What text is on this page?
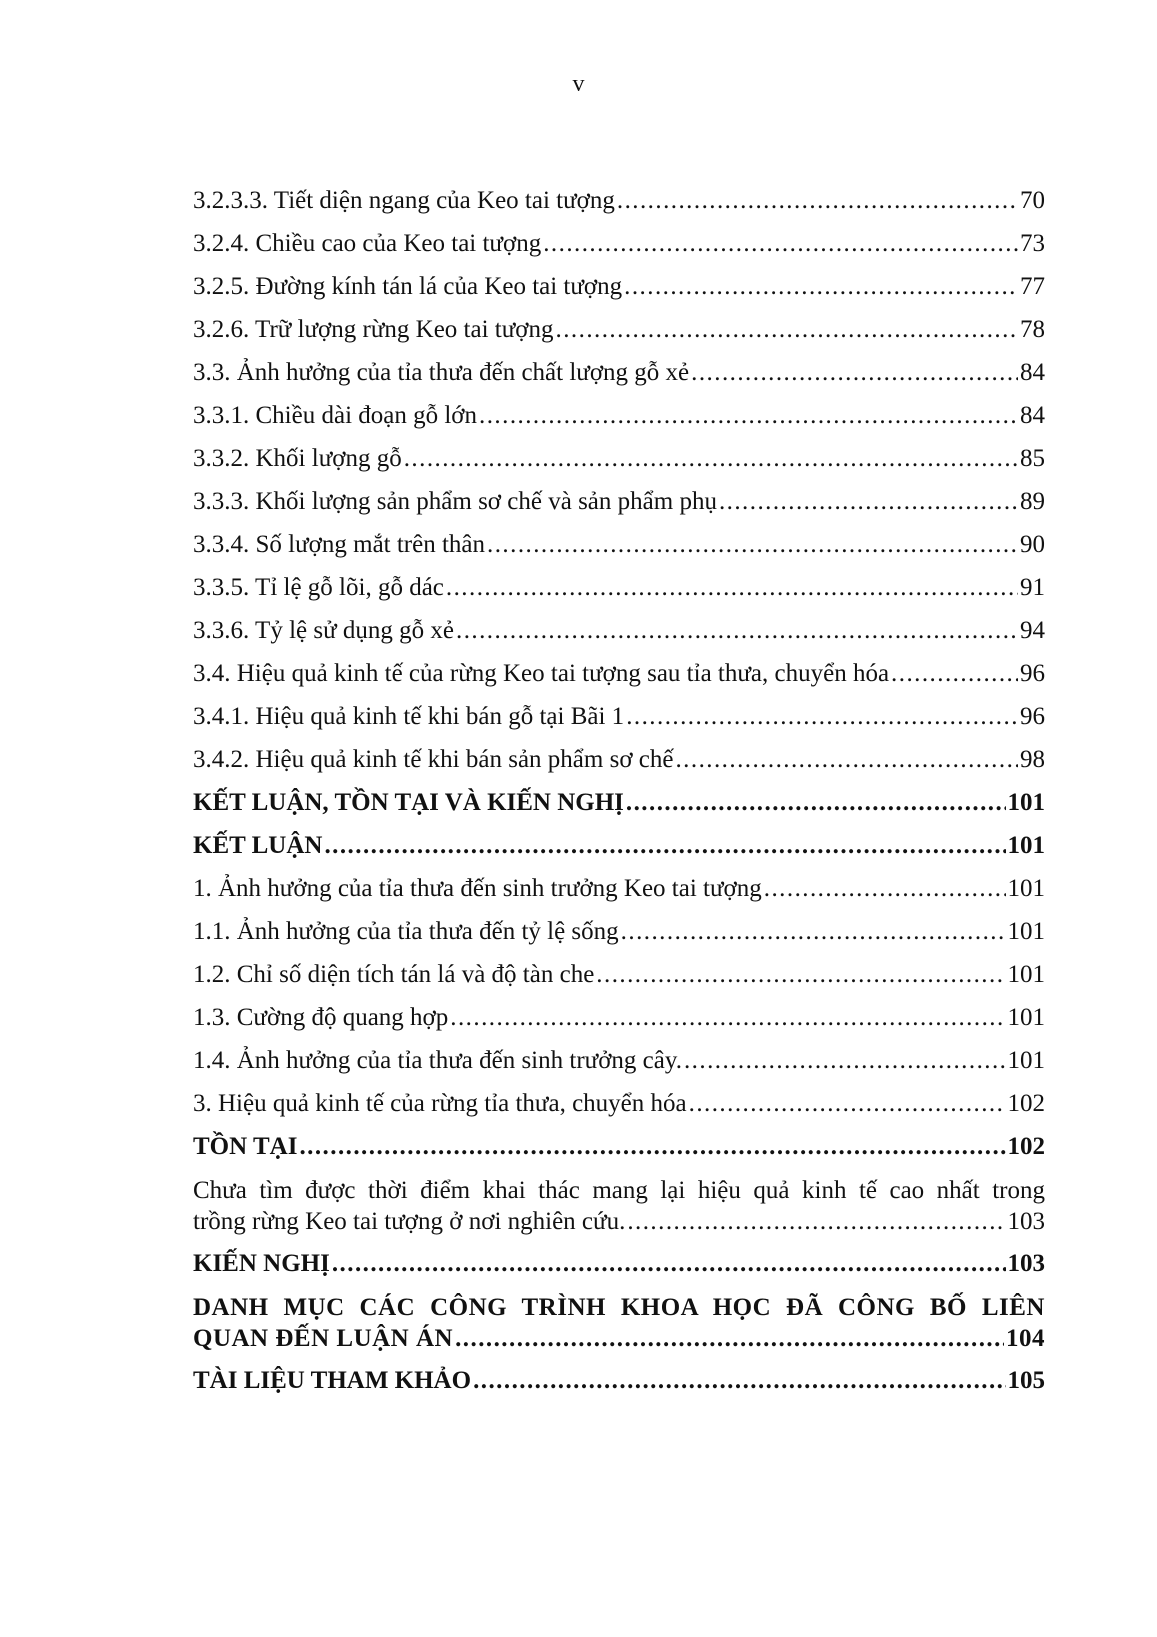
v
3.2.3.3. Tiết diện ngang của Keo tai tượng . . .	70
3.2.4. Chiều cao của Keo tai tượng . . .	73
3.2.5. Đường kính tán lá của Keo tai tượng . . .	77
3.2.6. Trữ lượng rừng Keo tai tượng . . .	78
3.3. Ảnh hưởng của tỉa thưa đến chất lượng gỗ xẻ . . .	84
3.3.1. Chiều dài đoạn gỗ lớn . . .	84
3.3.2. Khối lượng gỗ . . .	85
3.3.3. Khối lượng sản phẩm sơ chế và sản phẩm phụ . . .	89
3.3.4. Số lượng mắt trên thân . . .	90
3.3.5. Tỉ lệ gỗ lõi, gỗ dác . . .	91
3.3.6. Tỷ lệ sử dụng gỗ xẻ . . .	94
3.4. Hiệu quả kinh tế của rừng Keo tai tượng sau tỉa thưa, chuyển hóa . . .	96
3.4.1. Hiệu quả kinh tế khi bán gỗ tại Bãi 1 . . .	96
3.4.2. Hiệu quả kinh tế khi bán sản phẩm sơ chế . . .	98
KẾT LUẬN, TỒN TẠI VÀ KIẾN NGHỊ . . .	101
KẾT LUẬN . . .	101
1. Ảnh hưởng của tỉa thưa đến sinh trưởng Keo tai tượng . . .	101
1.1. Ảnh hưởng của tỉa thưa đến tỷ lệ sống . . .	101
1.2. Chỉ số diện tích tán lá và độ tàn che . . .	101
1.3. Cường độ quang hợp . . .	101
1.4. Ảnh hưởng của tỉa thưa đến sinh trưởng cây. . . .	101
3. Hiệu quả kinh tế của rừng tỉa thưa, chuyển hóa . . .	102
TỒN TẠI . . .	102
Chưa tìm được thời điểm khai thác mang lại hiệu quả kinh tế cao nhất trong
trồng rừng Keo tai tượng ở nơi nghiên cứu. . . .	103
KIẾN NGHỊ . . .	103
DANH MỤC CÁC CÔNG TRÌNH KHOA HỌC ĐÃ CÔNG BỐ LIÊN
QUAN ĐẾN LUẬN ÁN . . .	104
TÀI LIỆU THAM KHẢO . . .	105
